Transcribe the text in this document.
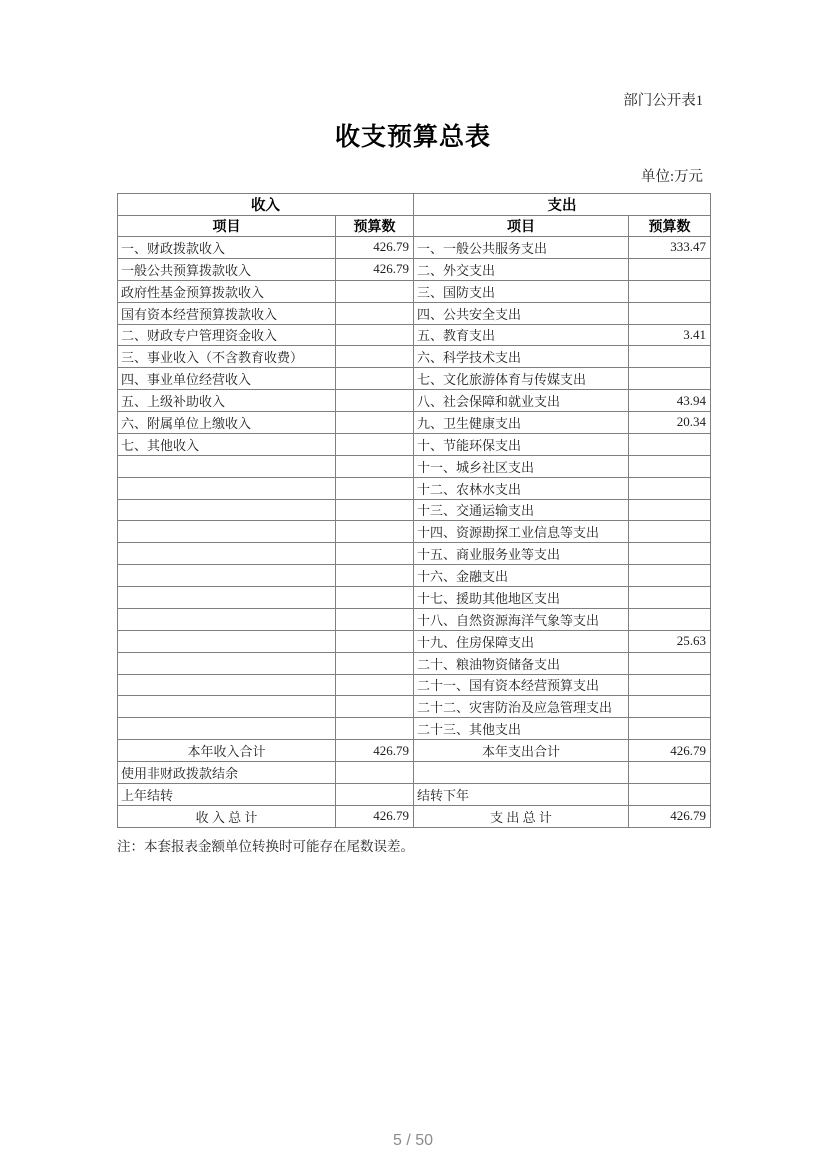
部门公开表1
收支预算总表
单位:万元
收入		支出	
项目	预算数	项目	预算数
一、财政拨款收入	426.79	一、一般公共服务支出	333.47
一般公共预算拨款收入	426.79	二、外交支出	
政府性基金预算拨款收入		三、国防支出	
国有资本经营预算拨款收入		四、公共安全支出	
二、财政专户管理资金收入		五、教育支出	3.41
三、事业收入（不含教育收费）		六、科学技术支出	
四、事业单位经营收入		七、文化旅游体育与传媒支出	
五、上级补助收入		八、社会保障和就业支出	43.94
六、附属单位上缴收入		九、卫生健康支出	20.34
七、其他收入		十、节能环保支出	
		十一、城乡社区支出	
		十二、农林水支出	
		十三、交通运输支出	
		十四、资源勘探工业信息等支出	
		十五、商业服务业等支出	
		十六、金融支出	
		十七、援助其他地区支出	
		十八、自然资源海洋气象等支出	
		十九、住房保障支出	25.63
		二十、粮油物资储备支出	
		二十一、国有资本经营预算支出	
		二十二、灾害防治及应急管理支出	
		二十三、其他支出	
本年收入合计	426.79	本年支出合计	426.79
使用非财政拨款结余			
上年结转		结转下年	
收 入 总 计	426.79	支 出 总 计	426.79
注：本套报表金额单位转换时可能存在尾数误差。
5 / 50
